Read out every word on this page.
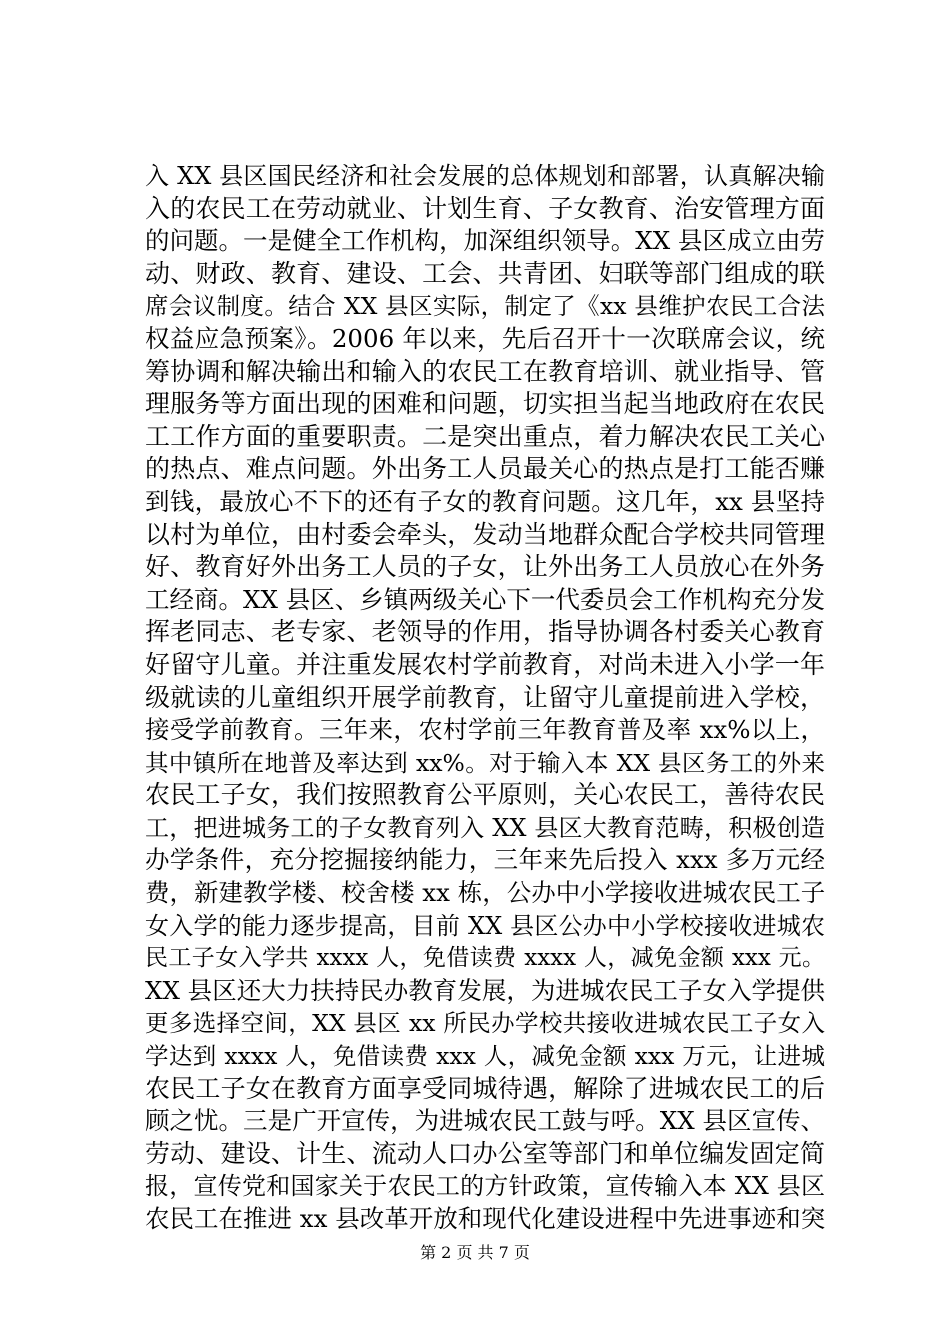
入 XX 县区国民经济和社会发展的总体规划和部署，认真解决输
入的农民工在劳动就业、计划生育、子女教育、治安管理方面
的问题。一是健全工作机构，加深组织领导。XX 县区成立由劳
动、财政、教育、建设、工会、共青团、妇联等部门组成的联
席会议制度。结合 XX 县区实际，制定了《xx 县维护农民工合法
权益应急预案》。2006 年以来，先后召开十一次联席会议，统
筹协调和解决输出和输入的农民工在教育培训、就业指导、管
理服务等方面出现的困难和问题，切实担当起当地政府在农民
工工作方面的重要职责。二是突出重点，着力解决农民工关心
的热点、难点问题。外出务工人员最关心的热点是打工能否赚
到钱，最放心不下的还有子女的教育问题。这几年，xx 县坚持
以村为单位，由村委会牵头，发动当地群众配合学校共同管理
好、教育好外出务工人员的子女，让外出务工人员放心在外务
工经商。XX 县区、乡镇两级关心下一代委员会工作机构充分发
挥老同志、老专家、老领导的作用，指导协调各村委关心教育
好留守儿童。并注重发展农村学前教育，对尚未进入小学一年
级就读的儿童组织开展学前教育，让留守儿童提前进入学校，
接受学前教育。三年来，农村学前三年教育普及率 xx%以上，
其中镇所在地普及率达到 xx%。对于输入本 XX 县区务工的外来
农民工子女，我们按照教育公平原则，关心农民工，善待农民
工，把进城务工的子女教育列入 XX 县区大教育范畴，积极创造
办学条件，充分挖掘接纳能力，三年来先后投入 xxx 多万元经
费，新建教学楼、校舍楼 xx 栋，公办中小学接收进城农民工子
女入学的能力逐步提高，目前 XX 县区公办中小学校接收进城农
民工子女入学共 xxxx 人，免借读费 xxxx 人，减免金额 xxx 元。
XX 县区还大力扶持民办教育发展，为进城农民工子女入学提供
更多选择空间，XX 县区 xx 所民办学校共接收进城农民工子女入
学达到 xxxx 人，免借读费 xxx 人，减免金额 xxx 万元，让进城
农民工子女在教育方面享受同城待遇，解除了进城农民工的后
顾之忧。三是广开宣传，为进城农民工鼓与呼。XX 县区宣传、
劳动、建设、计生、流动人口办公室等部门和单位编发固定简
报，宣传党和国家关于农民工的方针政策，宣传输入本 XX 县区
农民工在推进 xx 县改革开放和现代化建设进程中先进事迹和突
第 2 页 共 7 页
